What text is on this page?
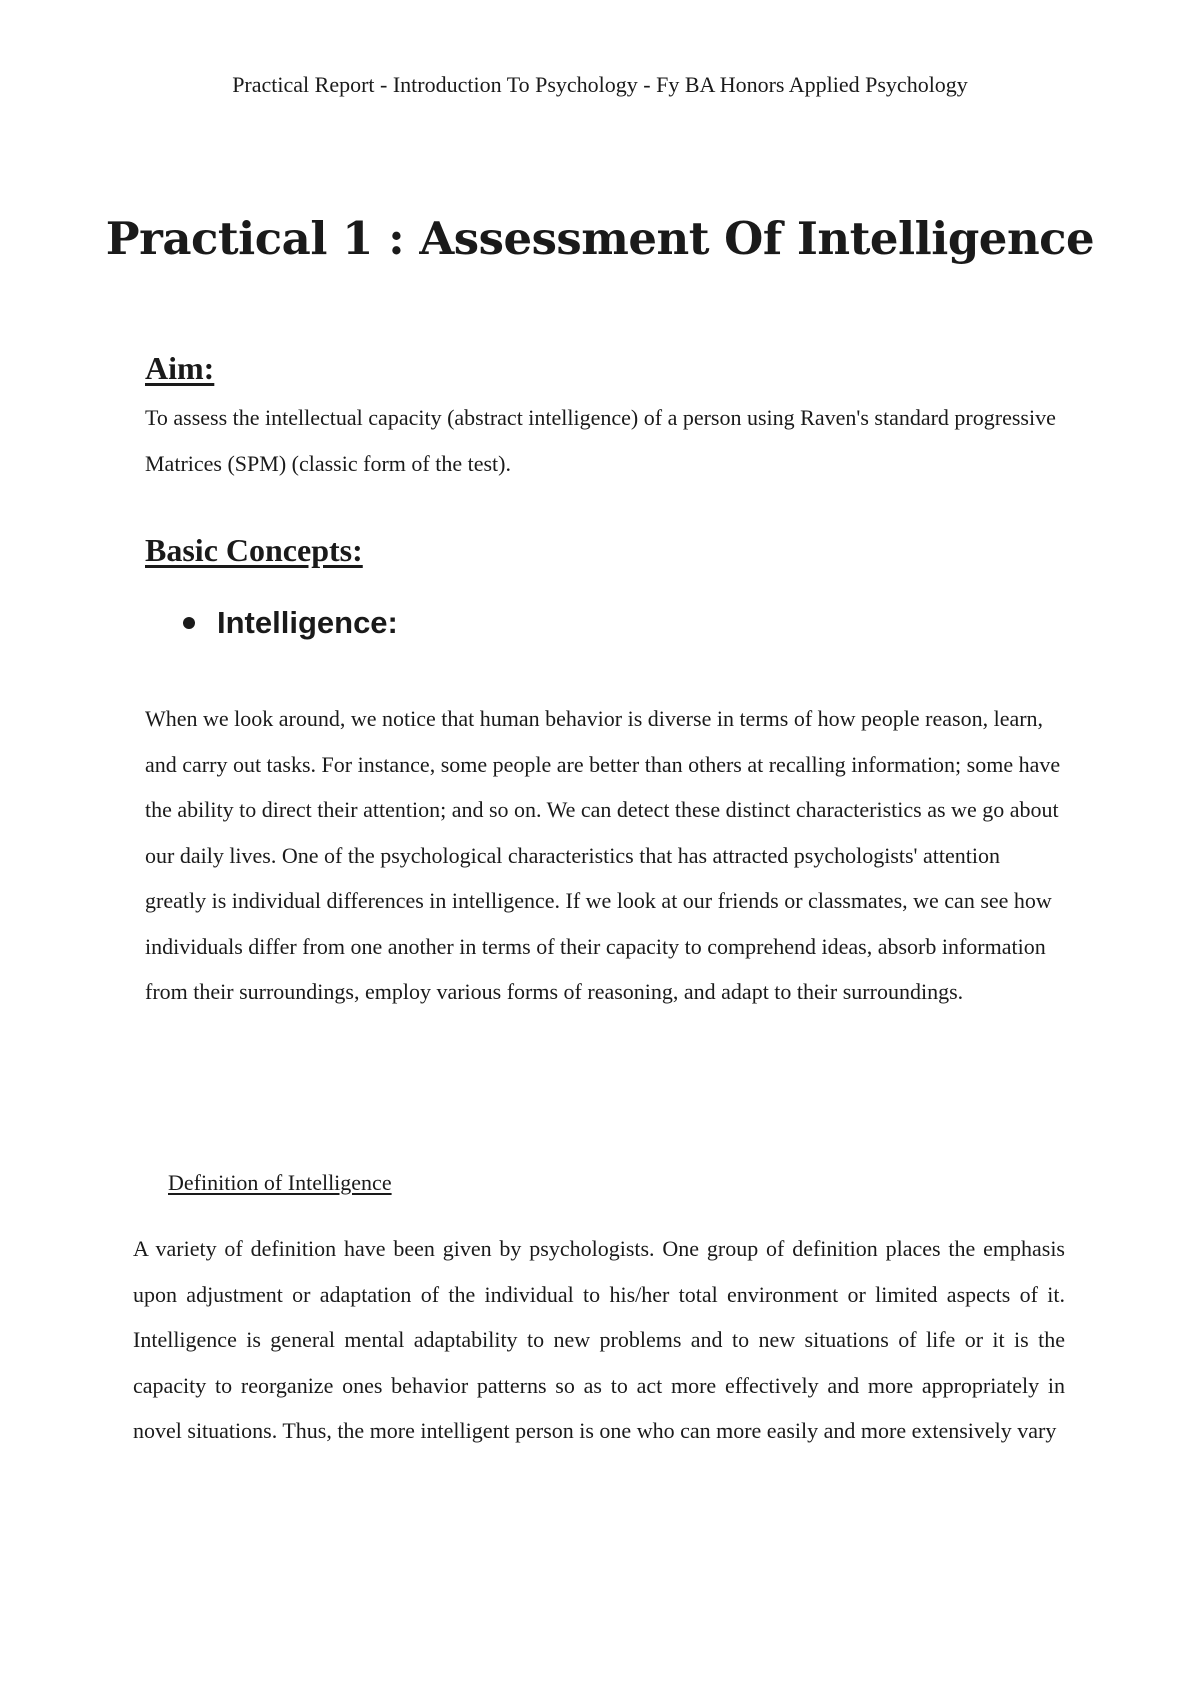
Practical Report - Introduction To Psychology - Fy BA Honors Applied Psychology

Practical 1 : Assessment Of Intelligence
Aim:

To assess the intellectual capacity (abstract intelligence) of a person using Raven's standard progressive Matrices (SPM) (classic form of the test).

Basic Concepts:
Intelligence:

When we look around, we notice that human behavior is diverse in terms of how people reason, learn, and carry out tasks. For instance, some people are better than others at recalling information; some have the ability to direct their attention; and so on. We can detect these distinct characteristics as we go about our daily lives. One of the psychological characteristics that has attracted psychologists' attention greatly is individual differences in intelligence. If we look at our friends or classmates, we can see how individuals differ from one another in terms of their capacity to comprehend ideas, absorb information from their surroundings, employ various forms of reasoning, and adapt to their surroundings.

Definition of Intelligence

A variety of definition have been given by psychologists. One group of definition places the emphasis upon adjustment or adaptation of the individual to his/her total environment or limited aspects of it. Intelligence is general mental adaptability to new problems and to new situations of life or it is the capacity to reorganize ones behavior patterns so as to act more effectively and more appropriately in novel situations. Thus, the more intelligent person is one who can more easily and more extensively vary
